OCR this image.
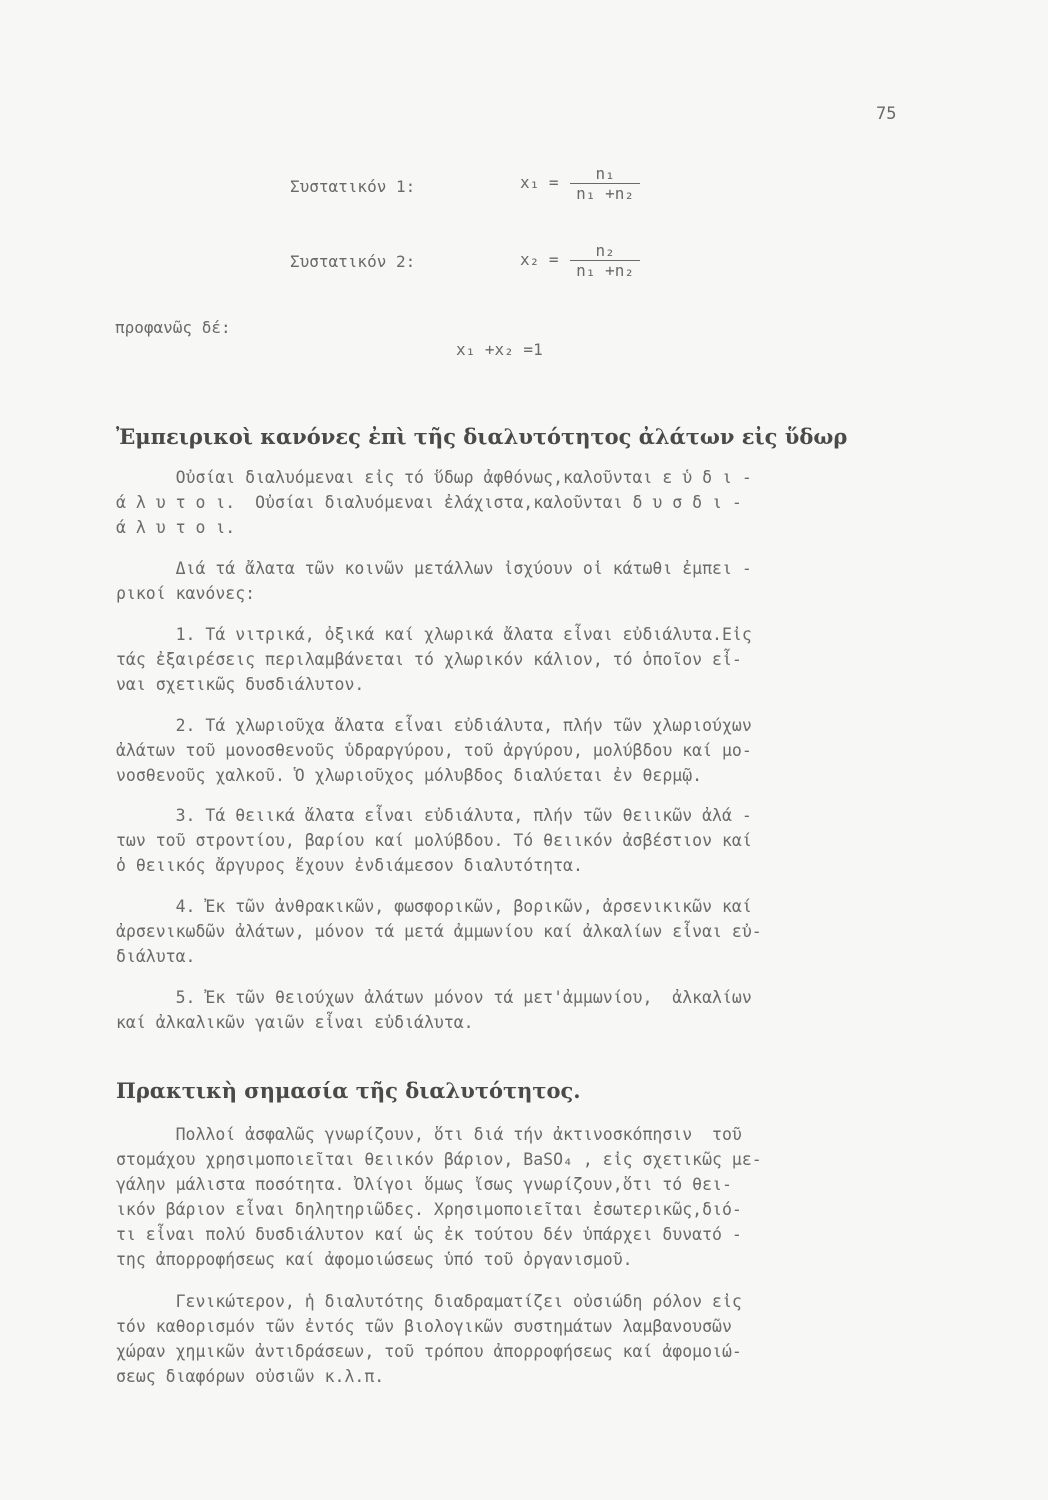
75
Συστατικόν 1:	$x_1 = \frac{\text{n₁}}{\text{n₁ +n₂}}$
Συστατικόν 2:	$x_2 = \frac{\text{n₂}}{\text{n₁ +n₂}}$
προφανῶς δέ:
x₁ +x₂ =1
Ἐμπειρικοὶ κανόνες ἐπὶ τῆς διαλυτότητος ἀλάτων εἰς ὕδωρ
Οὐσίαι διαλυόμεναι εἰς τό ὕδωρ ἀφθόνως,καλοῦνται ε ὑ δ ι -
ά λ υ τ ο ι.  Οὐσίαι διαλυόμεναι ἐλάχιστα,καλοῦνται δ υ σ δ ι -
ά λ υ τ ο ι.
Διά τά ἄλατα τῶν κοινῶν μετάλλων ἰσχύουν οἱ κάτωθι ἐμπει -
ρικοί κανόνες:
1. Τά νιτρικά, ὀξικά καί χλωρικά ἄλατα εἶναι εὐδιάλυτα.Εἰς
τάς ἐξαιρέσεις περιλαμβάνεται τό χλωρικόν κάλιον, τό ὁποῖον εἶ-
ναι σχετικῶς δυσδιάλυτον.
2. Τά χλωριοῦχα ἄλατα εἶναι εὐδιάλυτα, πλήν τῶν χλωριούχων
ἀλάτων τοῦ μονοσθενοῦς ὑδραργύρου, τοῦ ἀργύρου, μολύβδου καί μο-
νοσθενοῦς χαλκοῦ. Ὁ χλωριοῦχος μόλυβδος διαλύεται ἐν θερμῷ.
3. Τά θειικά ἄλατα εἶναι εὐδιάλυτα, πλήν τῶν θειικῶν ἀλά -
των τοῦ στροντίου, βαρίου καί μολύβδου. Τό θειικόν ἀσβέστιον καί
ὁ θειικός ἄργυρος ἔχουν ἐνδιάμεσον διαλυτότητα.
4. Ἐκ τῶν ἀνθρακικῶν, φωσφορικῶν, βορικῶν, ἀρσενικικῶν καί
ἀρσενικωδῶν ἀλάτων, μόνον τά μετά ἀμμωνίου καί ἀλκαλίων εἶναι εὐ-
διάλυτα.
5. Ἐκ τῶν θειούχων ἀλάτων μόνον τά μετ'ἀμμωνίου,  ἀλκαλίων
καί ἀλκαλικῶν γαιῶν εἶναι εὐδιάλυτα.
Πρακτικὴ σημασία τῆς διαλυτότητος.
Πολλοί ἀσφαλῶς γνωρίζουν, ὅτι διά τήν ἀκτινοσκόπησιν  τοῦ
στομάχου χρησιμοποιεῖται θειικόν βάριον, BaSO₄ , εἰς σχετικῶς με-
γάλην μάλιστα ποσότητα. Ὀλίγοι ὅμως ἴσως γνωρίζουν,ὅτι τό θει-
ικόν βάριον εἶναι δηλητηριῶδες. Χρησιμοποιεῖται ἐσωτερικῶς,διό-
τι εἶναι πολύ δυσδιάλυτον καί ὡς ἐκ τούτου δέν ὑπάρχει δυνατό -
της ἀπορροφήσεως καί ἀφομοιώσεως ὑπό τοῦ ὀργανισμοῦ.
Γενικώτερον, ἡ διαλυτότης διαδραματίζει οὐσιώδη ρόλον εἰς
τόν καθορισμόν τῶν ἐντός τῶν βιολογικῶν συστημάτων λαμβανουσῶν
χώραν χημικῶν ἀντιδράσεων, τοῦ τρόπου ἀπορροφήσεως καί ἀφομοιώ-
σεως διαφόρων οὐσιῶν κ.λ.π.
